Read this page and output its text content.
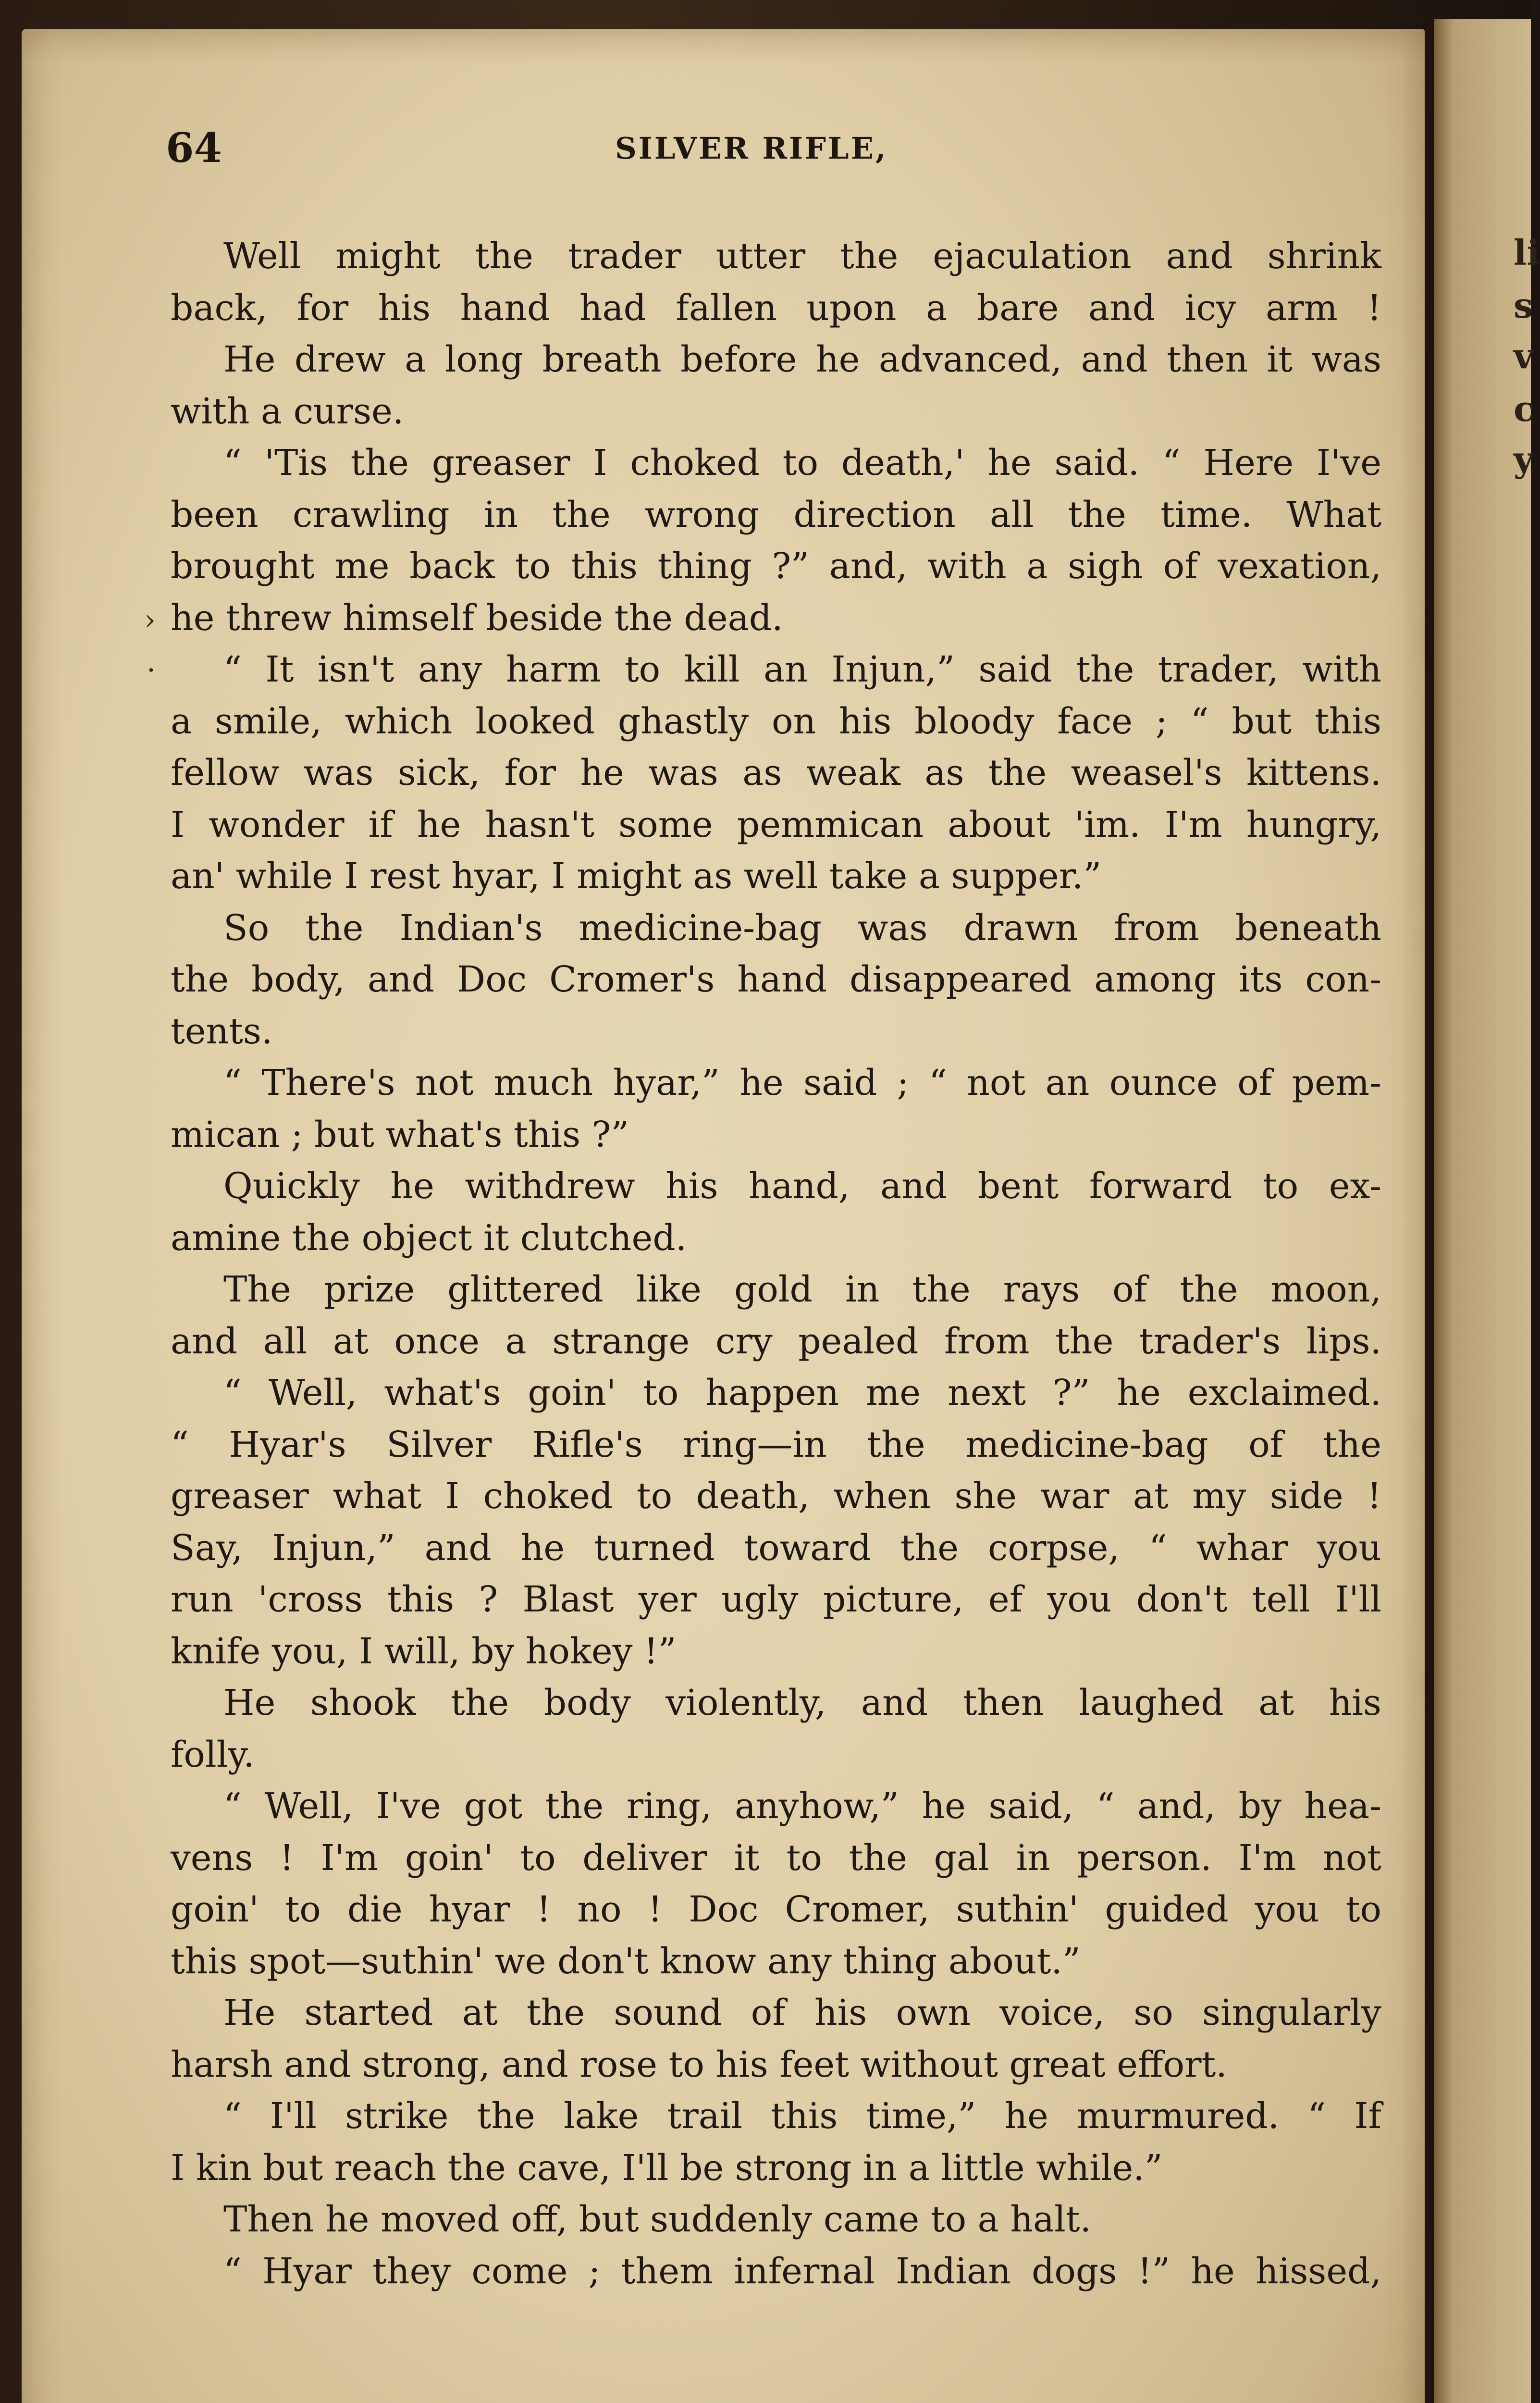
li
s
v
c
y
64	SILVER RIFLE,
›
·
Well might the trader utter the ejaculation and shrink
back, for his hand had fallen upon a bare and icy arm !
He drew a long breath before he advanced, and then it was
with a curse.
“ 'Tis the greaser I choked to death,' he said. “ Here I've
been crawling in the wrong direction all the time. What
brought me back to this thing ?” and, with a sigh of vexation,
he threw himself beside the dead.
“ It isn't any harm to kill an Injun,” said the trader, with
a smile, which looked ghastly on his bloody face ; “ but this
fellow was sick, for he was as weak as the weasel's kittens.
I wonder if he hasn't some pemmican about 'im. I'm hungry,
an' while I rest hyar, I might as well take a supper.”
So the Indian's medicine-bag was drawn from beneath
the body, and Doc Cromer's hand disappeared among its con-
tents.
“ There's not much hyar,” he said ; “ not an ounce of pem-
mican ; but what's this ?”
Quickly he withdrew his hand, and bent forward to ex-
amine the object it clutched.
The prize glittered like gold in the rays of the moon,
and all at once a strange cry pealed from the trader's lips.
“ Well, what's goin' to happen me next ?” he exclaimed.
“ Hyar's Silver Rifle's ring—in the medicine-bag of the
greaser what I choked to death, when she war at my side !
Say, Injun,” and he turned toward the corpse, “ whar you
run 'cross this ? Blast yer ugly picture, ef you don't tell I'll
knife you, I will, by hokey !”
He shook the body violently, and then laughed at his
folly.
“ Well, I've got the ring, anyhow,” he said, “ and, by hea-
vens ! I'm goin' to deliver it to the gal in person. I'm not
goin' to die hyar ! no ! Doc Cromer, suthin' guided you to
this spot—suthin' we don't know any thing about.”
He started at the sound of his own voice, so singularly
harsh and strong, and rose to his feet without great effort.
“ I'll strike the lake trail this time,” he murmured. “ If
I kin but reach the cave, I'll be strong in a little while.”
Then he moved off, but suddenly came to a halt.
“ Hyar they come ; them infernal Indian dogs !” he hissed,
